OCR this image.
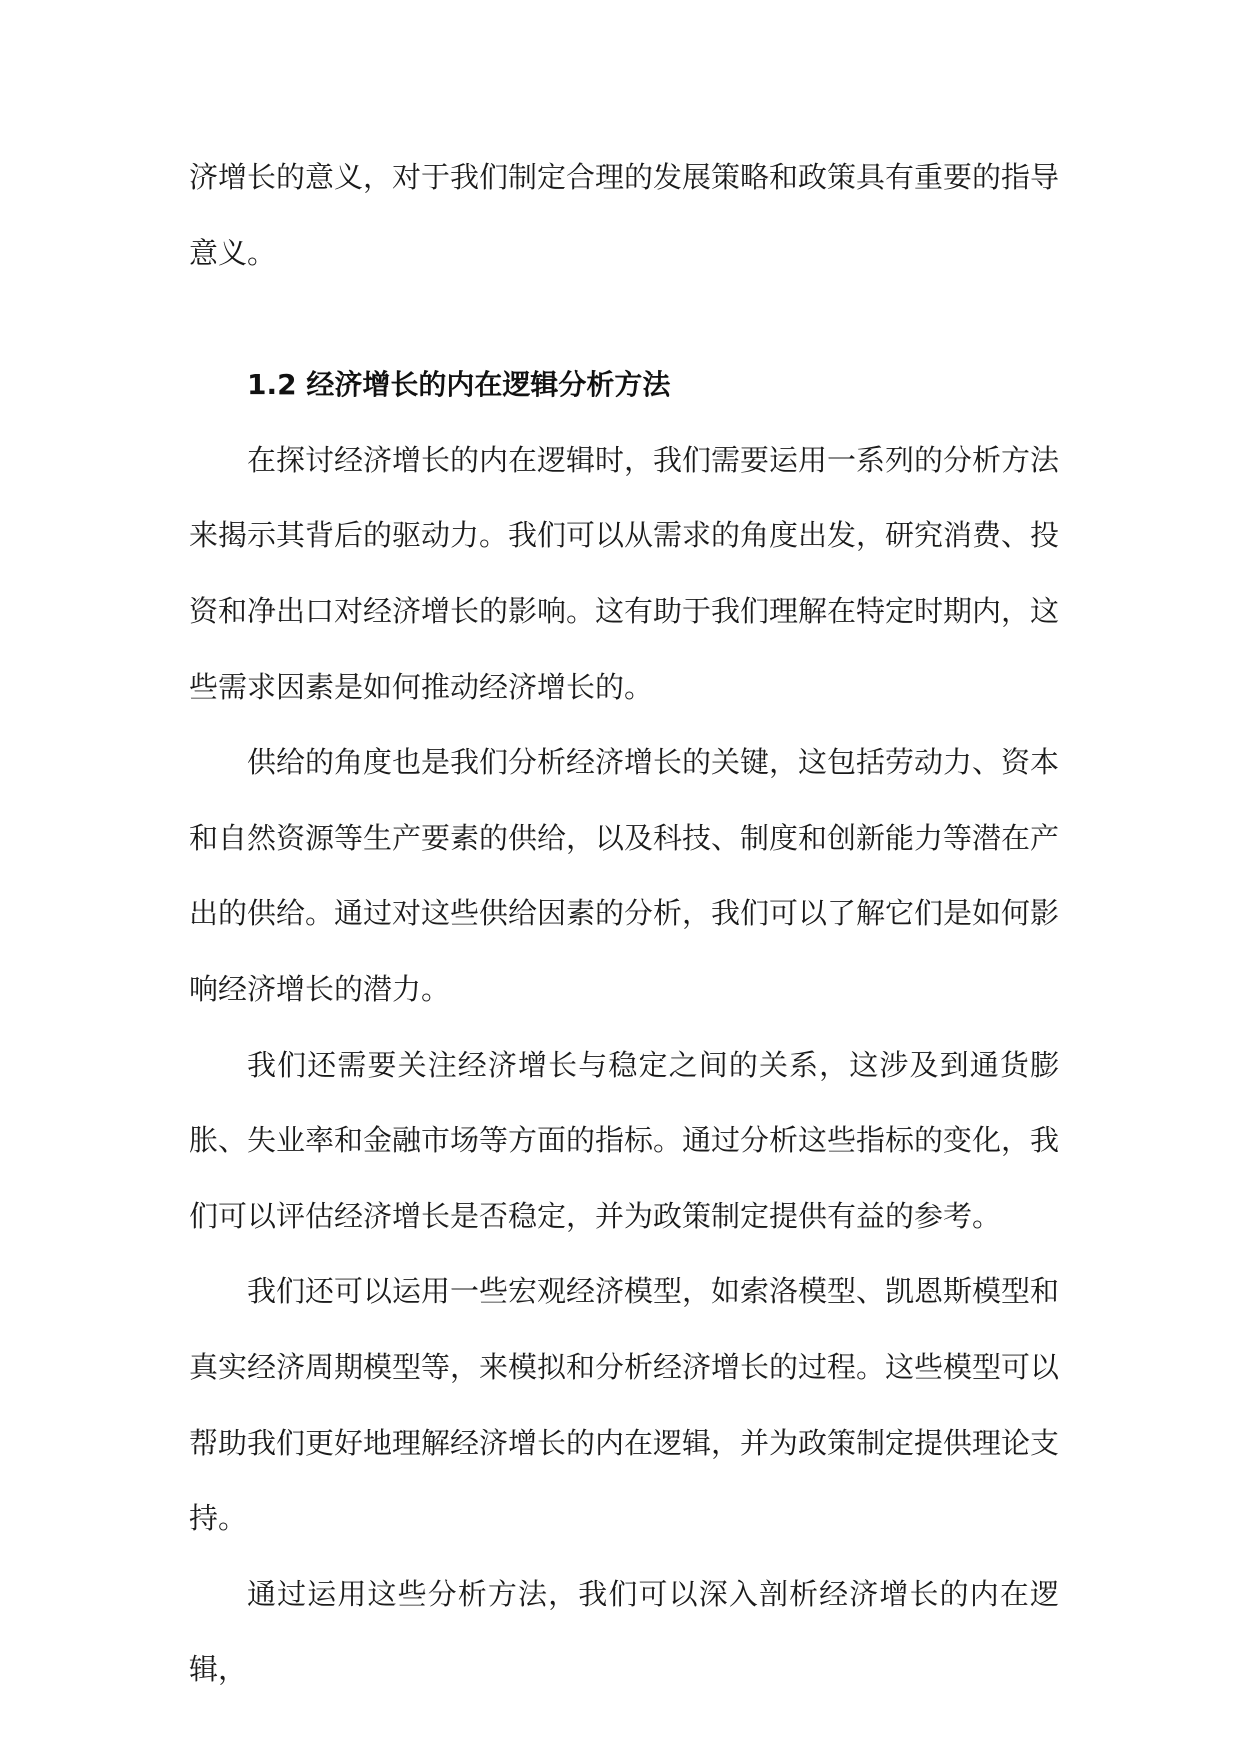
济增长的意义，对于我们制定合理的发展策略和政策具有重要的指导意义。

1.2 经济增长的内在逻辑分析方法

在探讨经济增长的内在逻辑时，我们需要运用一系列的分析方法来揭示其背后的驱动力。我们可以从需求的角度出发，研究消费、投资和净出口对经济增长的影响。这有助于我们理解在特定时期内，这些需求因素是如何推动经济增长的。

供给的角度也是我们分析经济增长的关键，这包括劳动力、资本和自然资源等生产要素的供给，以及科技、制度和创新能力等潜在产出的供给。通过对这些供给因素的分析，我们可以了解它们是如何影响经济增长的潜力。

我们还需要关注经济增长与稳定之间的关系，这涉及到通货膨胀、失业率和金融市场等方面的指标。通过分析这些指标的变化，我们可以评估经济增长是否稳定，并为政策制定提供有益的参考。

我们还可以运用一些宏观经济模型，如索洛模型、凯恩斯模型和真实经济周期模型等，来模拟和分析经济增长的过程。这些模型可以帮助我们更好地理解经济增长的内在逻辑，并为政策制定提供理论支持。

通过运用这些分析方法，我们可以深入剖析经济增长的内在逻辑，
